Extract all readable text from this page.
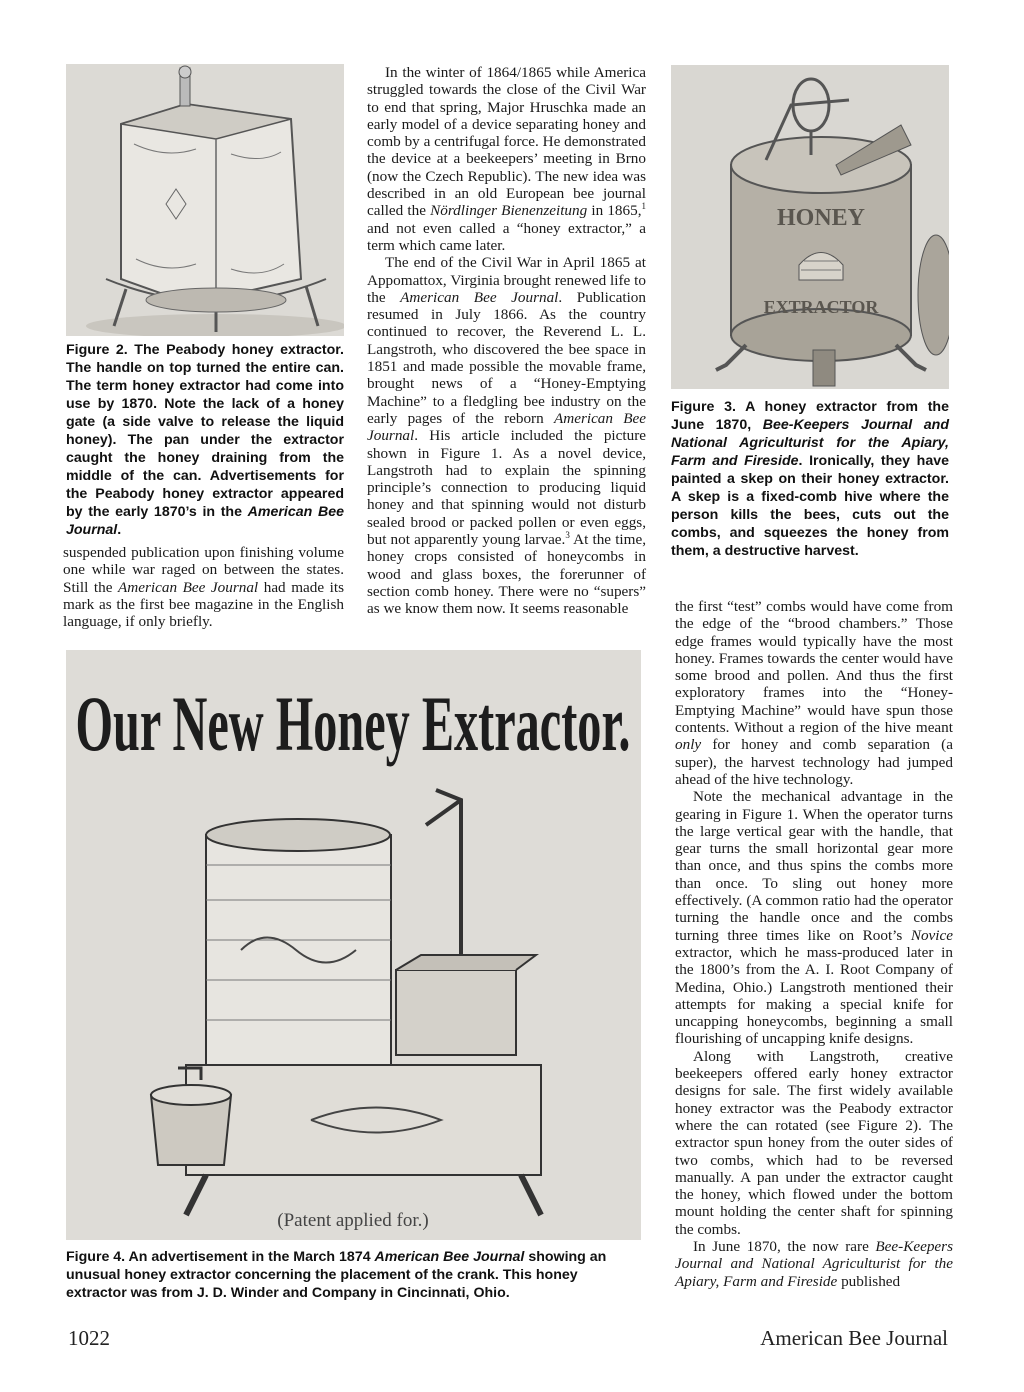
Figure 2. The Peabody honey extractor. The handle on top turned the entire can. The term honey extractor had come into use by 1870. Note the lack of a honey gate (a side valve to release the liquid honey). The pan under the extractor caught the honey draining from the middle of the can. Advertisements for the Peabody honey extractor appeared by the early 1870’s in the American Bee Journal.

suspended publication upon finishing volume one while war raged on between the states. Still the American Bee Journal had made its mark as the first bee magazine in the English language, if only briefly.

In the winter of 1864/1865 while America struggled towards the close of the Civil War to end that spring, Major Hruschka made an early model of a device separating honey and comb by a centrifugal force. He demonstrated the device at a beekeepers’ meeting in Brno (now the Czech Republic). The new idea was described in an old European bee journal called the Nördlinger Bienenzeitung in 1865,$^1$ and not even called a “honey extractor,” a term which came later.

The end of the Civil War in April 1865 at Appomattox, Virginia brought renewed life to the American Bee Journal. Publication resumed in July 1866. As the country continued to recover, the Reverend L. L. Langstroth, who discovered the bee space in 1851 and made possible the movable frame, brought news of a “Honey-Emptying Machine” to a fledgling bee industry on the early pages of the reborn American Bee Journal. His article included the picture shown in Figure 1. As a novel device, Langstroth had to explain the spinning principle’s connection to producing liquid honey and that spinning would not disturb sealed brood or packed pollen or even eggs, but not apparently young larvae.$^3$ At the time, honey crops consisted of honeycombs in wood and glass boxes, the forerunner of section comb honey. There were no “supers” as we know them now. It seems reasonable

HONEY
EXTRACTOR
Figure 3. A honey extractor from the June 1870, Bee-Keepers Journal and National Agriculturist for the Apiary, Farm and Fireside. Ironically, they have painted a skep on their honey extractor. A skep is a fixed-comb hive where the person kills the bees, cuts out the combs, and squeezes the honey from them, a destructive harvest.
Our New Honey Extractor.
(Patent applied for.)
Figure 4. An advertisement in the March 1874 American Bee Journal showing an unusual honey extractor concerning the placement of the crank. This honey extractor was from J. D. Winder and Company in Cincinnati, Ohio.

the first “test” combs would have come from the edge of the “brood chambers.” Those edge frames would typically have the most honey. Frames towards the center would have some brood and pollen. And thus the first exploratory frames into the “Honey-Emptying Machine” would have spun those contents. Without a region of the hive meant only for honey and comb separation (a super), the harvest technology had jumped ahead of the hive technology.

Note the mechanical advantage in the gearing in Figure 1. When the operator turns the large vertical gear with the handle, that gear turns the small horizontal gear more than once, and thus spins the combs more than once. To sling out honey more effectively. (A common ratio had the operator turning the handle once and the combs turning three times like on Root’s Novice extractor, which he mass-produced later in the 1800’s from the A. I. Root Company of Medina, Ohio.) Langstroth mentioned their attempts for making a special knife for uncapping honeycombs, beginning a small flourishing of uncapping knife designs.

Along with Langstroth, creative beekeepers offered early honey extractor designs for sale. The first widely available honey extractor was the Peabody extractor where the can rotated (see Figure 2). The extractor spun honey from the outer sides of two combs, which had to be reversed manually. A pan under the extractor caught the honey, which flowed under the bottom mount holding the center shaft for spinning the combs.

In June 1870, the now rare Bee-Keepers Journal and National Agriculturist for the Apiary, Farm and Fireside published

1022	American Bee Journal
